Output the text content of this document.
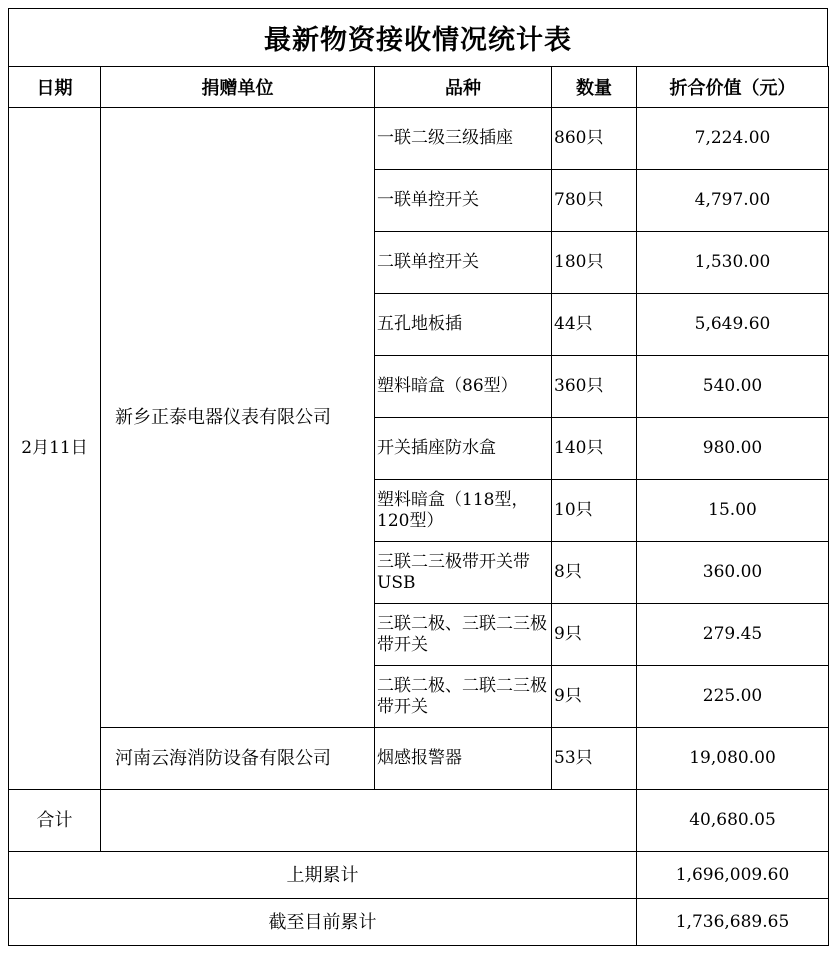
最新物资接收情况统计表
日期	捐赠单位	品种	数量	折合价值（元）
2月11日	新乡正泰电器仪表有限公司	一联二级三级插座	860只	7,224.00
		一联单控开关	780只	4,797.00
		二联单控开关	180只	1,530.00
		五孔地板插	44只	5,649.60
		塑料暗盒（86型）	360只	540.00
		开关插座防水盒	140只	980.00
		塑料暗盒（118型，120型）	10只	15.00
		三联二三极带开关带USB	8只	360.00
		三联二极、三联二三极带开关	9只	279.45
		二联二极、二联二三极带开关	9只	225.00
	河南云海消防设备有限公司	烟感报警器	53只	19,080.00
合计				40,680.05
上期累计				1,696,009.60
截至目前累计				1,736,689.65
